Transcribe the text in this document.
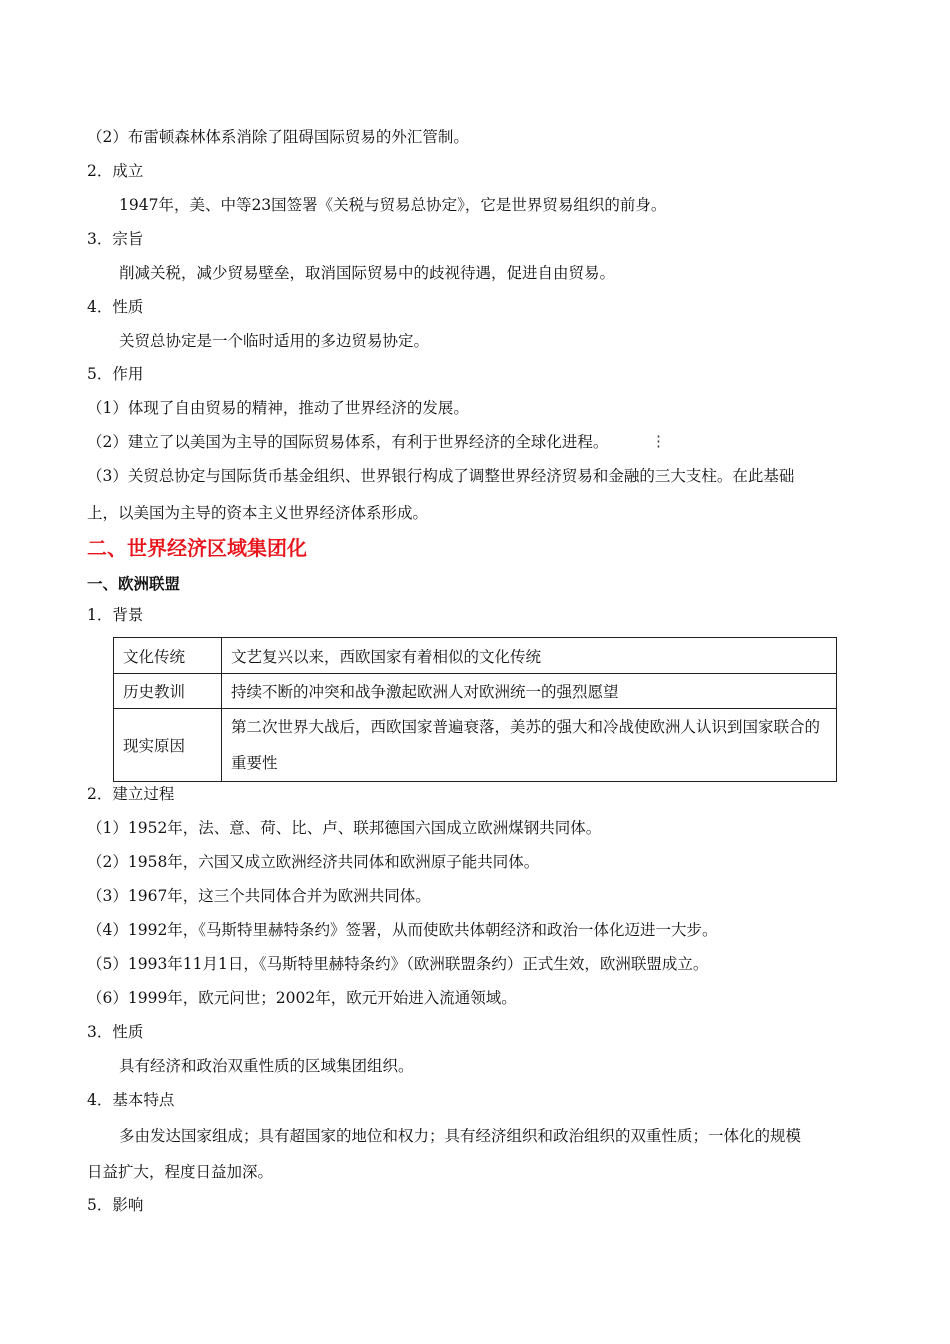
（2）布雷顿森林体系消除了阻碍国际贸易的外汇管制。
2．成立
1947年，美、中等23国签署《关税与贸易总协定》，它是世界贸易组织的前身。
3．宗旨
削减关税，减少贸易壁垒，取消国际贸易中的歧视待遇，促进自由贸易。
4．性质
关贸总协定是一个临时适用的多边贸易协定。
5．作用
（1）体现了自由贸易的精神，推动了世界经济的发展。
（2）建立了以美国为主导的国际贸易体系，有利于世界经济的全球化进程。	⋮
（3）关贸总协定与国际货币基金组织、世界银行构成了调整世界经济贸易和金融的三大支柱。在此基础
上，以美国为主导的资本主义世界经济体系形成。
二、世界经济区域集团化
一、欧洲联盟
1．背景
文化传统	文艺复兴以来，西欧国家有着相似的文化传统
历史教训	持续不断的冲突和战争激起欧洲人对欧洲统一的强烈愿望
现实原因	第二次世界大战后，西欧国家普遍衰落，美苏的强大和冷战使欧洲人认识到国家联合的重要性
2．建立过程
（1）1952年，法、意、荷、比、卢、联邦德国六国成立欧洲煤钢共同体。
（2）1958年，六国又成立欧洲经济共同体和欧洲原子能共同体。
（3）1967年，这三个共同体合并为欧洲共同体。
（4）1992年，《马斯特里赫特条约》签署，从而使欧共体朝经济和政治一体化迈进一大步。
（5）1993年11月1日，《马斯特里赫特条约》（欧洲联盟条约）正式生效，欧洲联盟成立。
（6）1999年，欧元问世；2002年，欧元开始进入流通领域。
3．性质
具有经济和政治双重性质的区域集团组织。
4．基本特点
多由发达国家组成；具有超国家的地位和权力；具有经济组织和政治组织的双重性质；一体化的规模
日益扩大，程度日益加深。
5．影响
